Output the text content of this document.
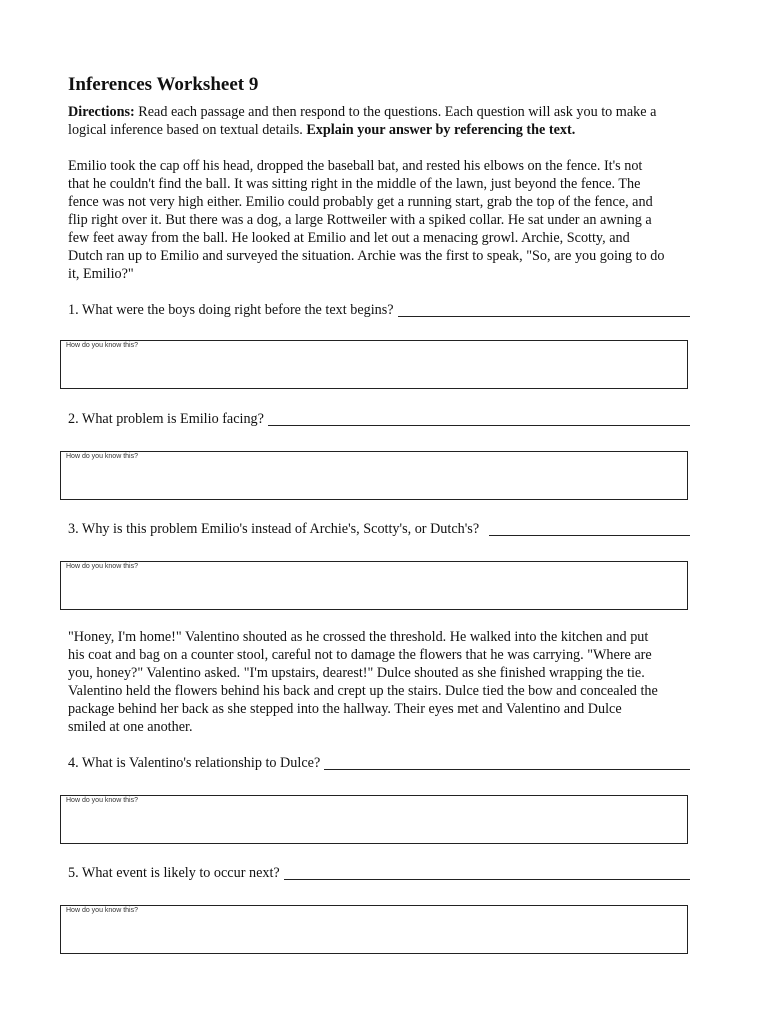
Inferences Worksheet 9
Directions: Read each passage and then respond to the questions. Each question will ask you to make a logical inference based on textual details. Explain your answer by referencing the text.
Emilio took the cap off his head, dropped the baseball bat, and rested his elbows on the fence. It's not
that he couldn't find the ball. It was sitting right in the middle of the lawn, just beyond the fence. The
fence was not very high either. Emilio could probably get a running start, grab the top of the fence, and
flip right over it. But there was a dog, a large Rottweiler with a spiked collar. He sat under an awning a
few feet away from the ball. He looked at Emilio and let out a menacing growl. Archie, Scotty, and
Dutch ran up to Emilio and surveyed the situation. Archie was the first to speak, "So, are you going to do
it, Emilio?"
1. What were the boys doing right before the text begins?
How do you know this?
2. What problem is Emilio facing?
How do you know this?
3. Why is this problem Emilio's instead of Archie's, Scotty's, or Dutch's?
How do you know this?
"Honey, I'm home!" Valentino shouted as he crossed the threshold. He walked into the kitchen and put
his coat and bag on a counter stool, careful not to damage the flowers that he was carrying. "Where are
you, honey?" Valentino asked. "I'm upstairs, dearest!" Dulce shouted as she finished wrapping the tie.
Valentino held the flowers behind his back and crept up the stairs. Dulce tied the bow and concealed the
package behind her back as she stepped into the hallway. Their eyes met and Valentino and Dulce
smiled at one another.
4. What is Valentino's relationship to Dulce?
How do you know this?
5. What event is likely to occur next?
How do you know this?
